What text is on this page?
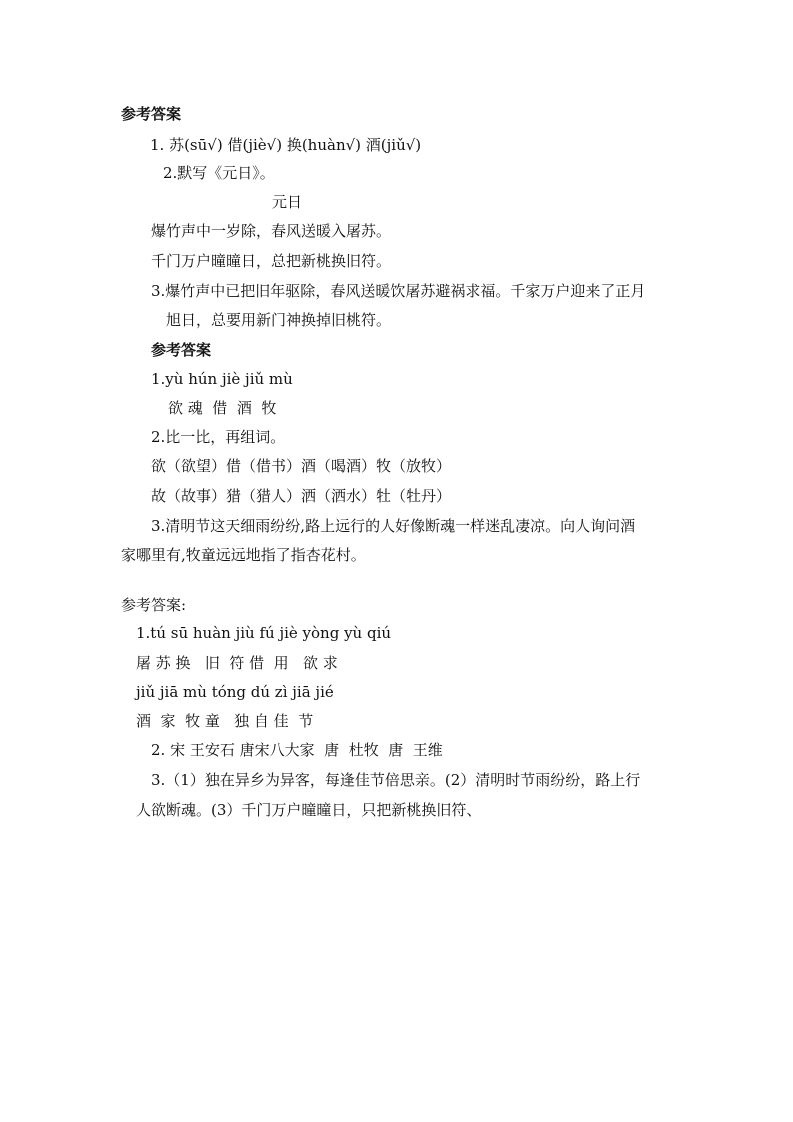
参考答案
1. 苏(sū√) 借(jiè√) 换(huàn√) 酒(jiǔ√)
2.默写《元日》。
元日
爆竹声中一岁除，春风送暖入屠苏。
千门万户曈曈日，总把新桃换旧符。
3.爆竹声中已把旧年驱除，春风送暖饮屠苏避祸求福。千家万户迎来了正月
旭日，总要用新门神换掉旧桃符。
参考答案
1.yù hún jiè jiǔ mù
欲 魂  借  酒  牧
2.比一比，再组词。
欲（欲望）借（借书）酒（喝酒）牧（放牧）
故（故事）猎（猎人）洒（洒水）牡（牡丹）
3.清明节这天细雨纷纷,路上远行的人好像断魂一样迷乱凄凉。向人询问酒
家哪里有,牧童远远地指了指杏花村。
参考答案:
1.tú sū huàn jiù fú jiè yòng yù qiú
屠 苏 换   旧  符 借  用   欲 求
jiǔ jiā mù tóng dú zì jiā jié
酒  家  牧 童   独 自 佳  节
2. 宋 王安石 唐宋八大家  唐  杜牧  唐  王维
3.（1）独在异乡为异客，每逢佳节倍思亲。(2）清明时节雨纷纷，路上行
人欲断魂。(3）千门万户曈曈日，只把新桃换旧符、
